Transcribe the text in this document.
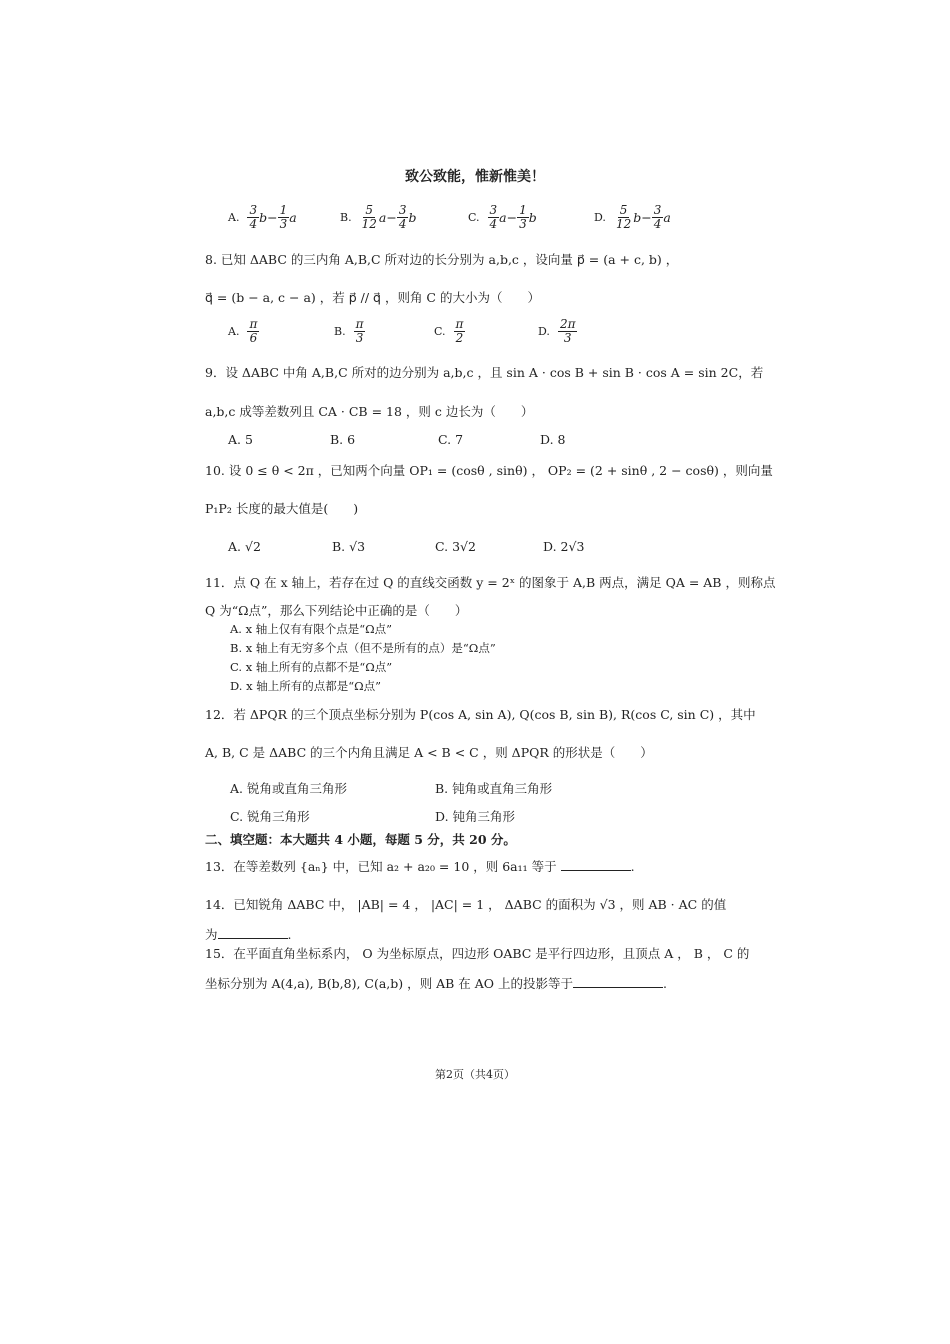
致公致能，惟新惟美！
A. $\frac{3}{4}$ $b - \frac{1}{3}$ a	B. $\frac{5}{12}$ $a - \frac{3}{4}$ b	C. $\frac{3}{4}$ $a - \frac{1}{3}$ b	D. $\frac{5}{12}$ $b - \frac{3}{4}$ a
8. 已知 ΔABC 的三内角 A,B,C 所对边的长分别为 a,b,c ，设向量 p⃗ = (a + c, b) ，
q⃗ = (b − a, c − a) ，若 p⃗ // q⃗ ，则角 C 的大小为（　　）
A. $\frac{\pi}{6}$	B. $\frac{\pi}{3}$	C. $\frac{\pi}{2}$	D. $\frac{2\pi}{3}$
9．设 ΔABC 中角 A,B,C 所对的边分别为 a,b,c ，且 sin A · cos B + sin B · cos A = sin 2C，若
a,b,c 成等差数列且 CA · CB = 18 ，则 c 边长为（　　）
A. 5	B. 6	C. 7	D. 8
10. 设 0 ≤ θ < 2π ，已知两个向量 OP₁ = (cosθ , sinθ) ， OP₂ = (2 + sinθ , 2 − cosθ) ，则向量
P₁P₂ 长度的最大值是(　　)
A. √2	B. √3	C. 3√2	D. 2√3
11．点 Q 在 x 轴上，若存在过 Q 的直线交函数 y = 2ˣ 的图象于 A,B 两点，满足 QA = AB ，则称点
Q 为“Ω点”，那么下列结论中正确的是（　　）
A. x 轴上仅有有限个点是“Ω点”
B. x 轴上有无穷多个点（但不是所有的点）是“Ω点”
C. x 轴上所有的点都不是“Ω点”
D. x 轴上所有的点都是“Ω点”
12．若 ΔPQR 的三个顶点坐标分别为 P(cos A, sin A), Q(cos B, sin B), R(cos C, sin C) ，其中
A, B, C 是 ΔABC 的三个内角且满足 A < B < C ，则 ΔPQR 的形状是（　　）
A. 锐角或直角三角形	B. 钝角或直角三角形
C. 锐角三角形	D. 钝角三角形
二、填空题：本大题共 4 小题，每题 5 分，共 20 分。
13．在等差数列 {aₙ} 中，已知 a₂ + a₂₀ = 10 ，则 6a₁₁ 等于	.
14．已知锐角 ΔABC 中， |AB| = 4 ， |AC| = 1 ， ΔABC 的面积为 √3 ，则 AB · AC 的值
为	.
15．在平面直角坐标系内， O 为坐标原点，四边形 OABC 是平行四边形，且顶点 A ， B ， C 的
坐标分别为 A(4,a), B(b,8), C(a,b) ，则 AB 在 AO 上的投影等于	.
第2页（共4页）
